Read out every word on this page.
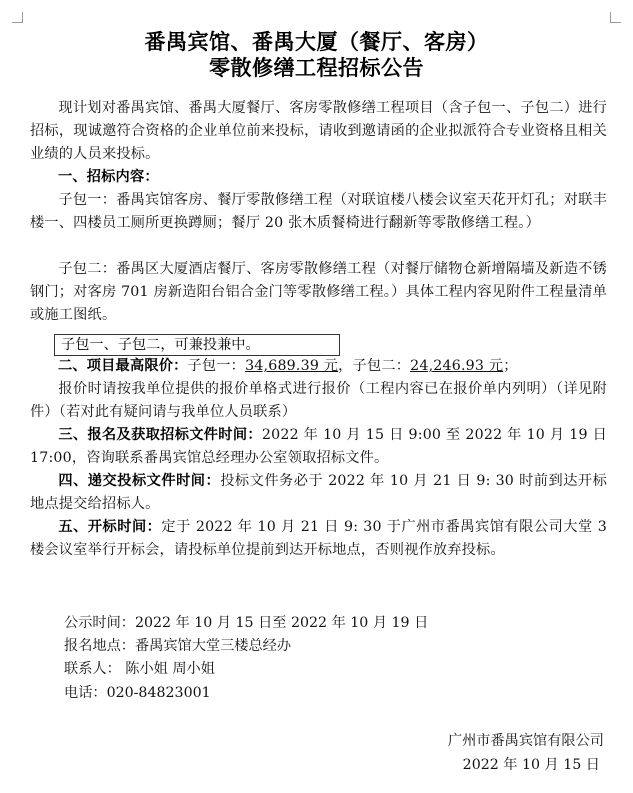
番禺宾馆、番禺大厦（餐厅、客房）
零散修缮工程招标公告
现计划对番禺宾馆、番禺大厦餐厅、客房零散修缮工程项目（含子包一、子包二）进行招标，现诚邀符合资格的企业单位前来投标，请收到邀请函的企业拟派符合专业资格且相关业绩的人员来投标。
一、招标内容：
子包一：番禺宾馆客房、餐厅零散修缮工程（对联谊楼八楼会议室天花开灯孔；对联丰楼一、四楼员工厕所更换蹲厕；餐厅 20 张木质餐椅进行翻新等零散修缮工程。）
子包二：番禺区大厦酒店餐厅、客房零散修缮工程（对餐厅储物仓新增隔墙及新造不锈钢门；对客房 701 房新造阳台铝合金门等零散修缮工程。）具体工程内容见附件工程量清单或施工图纸。
子包一、子包二，可兼投兼中。
二、项目最高限价：子包一：34,689.39 元，子包二：24,246.93 元；
报价时请按我单位提供的报价单格式进行报价（工程内容已在报价单内列明）（详见附件）（若对此有疑问请与我单位人员联系）
三、报名及获取招标文件时间：2022 年 10 月 15 日 9:00 至 2022 年 10 月 19 日 17:00，咨询联系番禺宾馆总经理办公室领取招标文件。
四、递交投标文件时间：投标文件务必于 2022 年 10 月 21 日 9: 30 时前到达开标地点提交给招标人。
五、开标时间：定于 2022 年 10 月 21 日 9: 30 于广州市番禺宾馆有限公司大堂 3 楼会议室举行开标会，请投标单位提前到达开标地点，否则视作放弃投标。
公示时间：2022 年 10 月 15 日至 2022 年 10 月 19 日
报名地点：番禺宾馆大堂三楼总经办
联系人： 陈小姐 周小姐
电话：020-84823001
广州市番禺宾馆有限公司
2022 年 10 月 15 日
